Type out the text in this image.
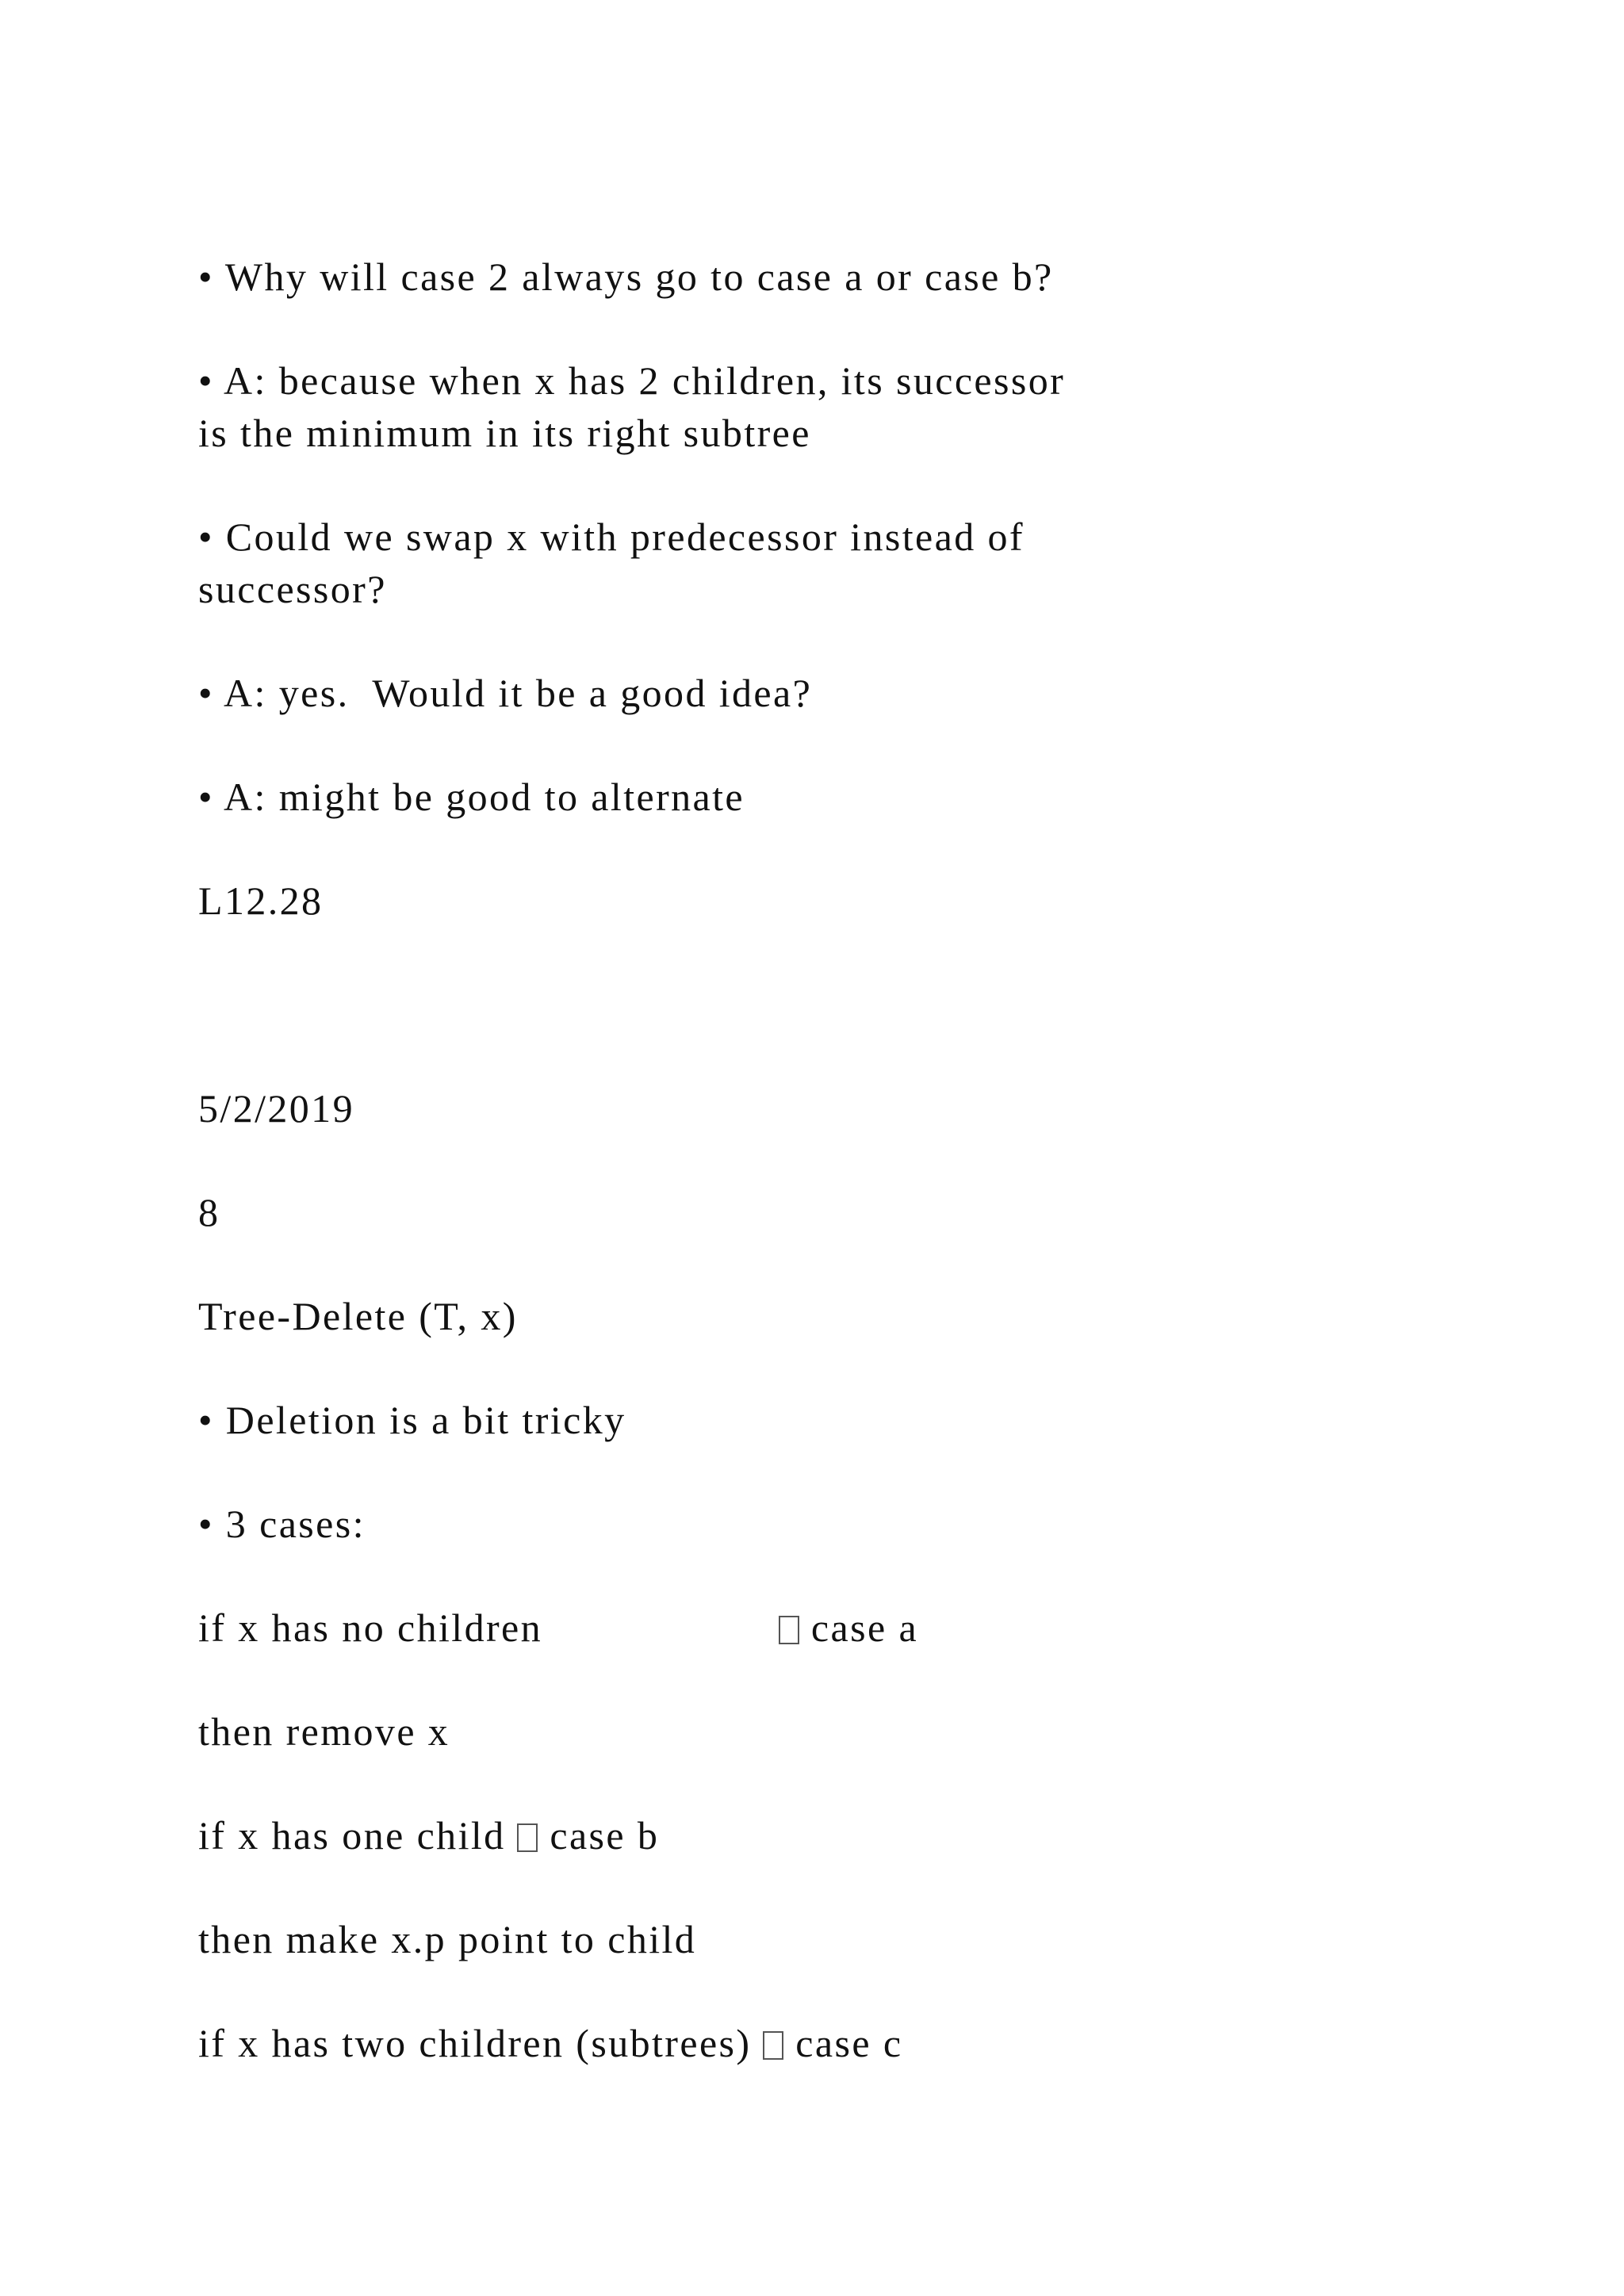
• Why will case 2 always go to case a or case b?
• A: because when x has 2 children, its successor
is the minimum in its right subtree
• Could we swap x with predecessor instead of
successor?
• A: yes.  Would it be a good idea?
• A: might be good to alternate
L12.28
5/2/2019
8
Tree-Delete (T, x)
• Deletion is a bit tricky
• 3 cases:
if x has no children	case a
then remove x
if x has one child case b
then make x.p point to child
if x has two children (subtrees) case c
